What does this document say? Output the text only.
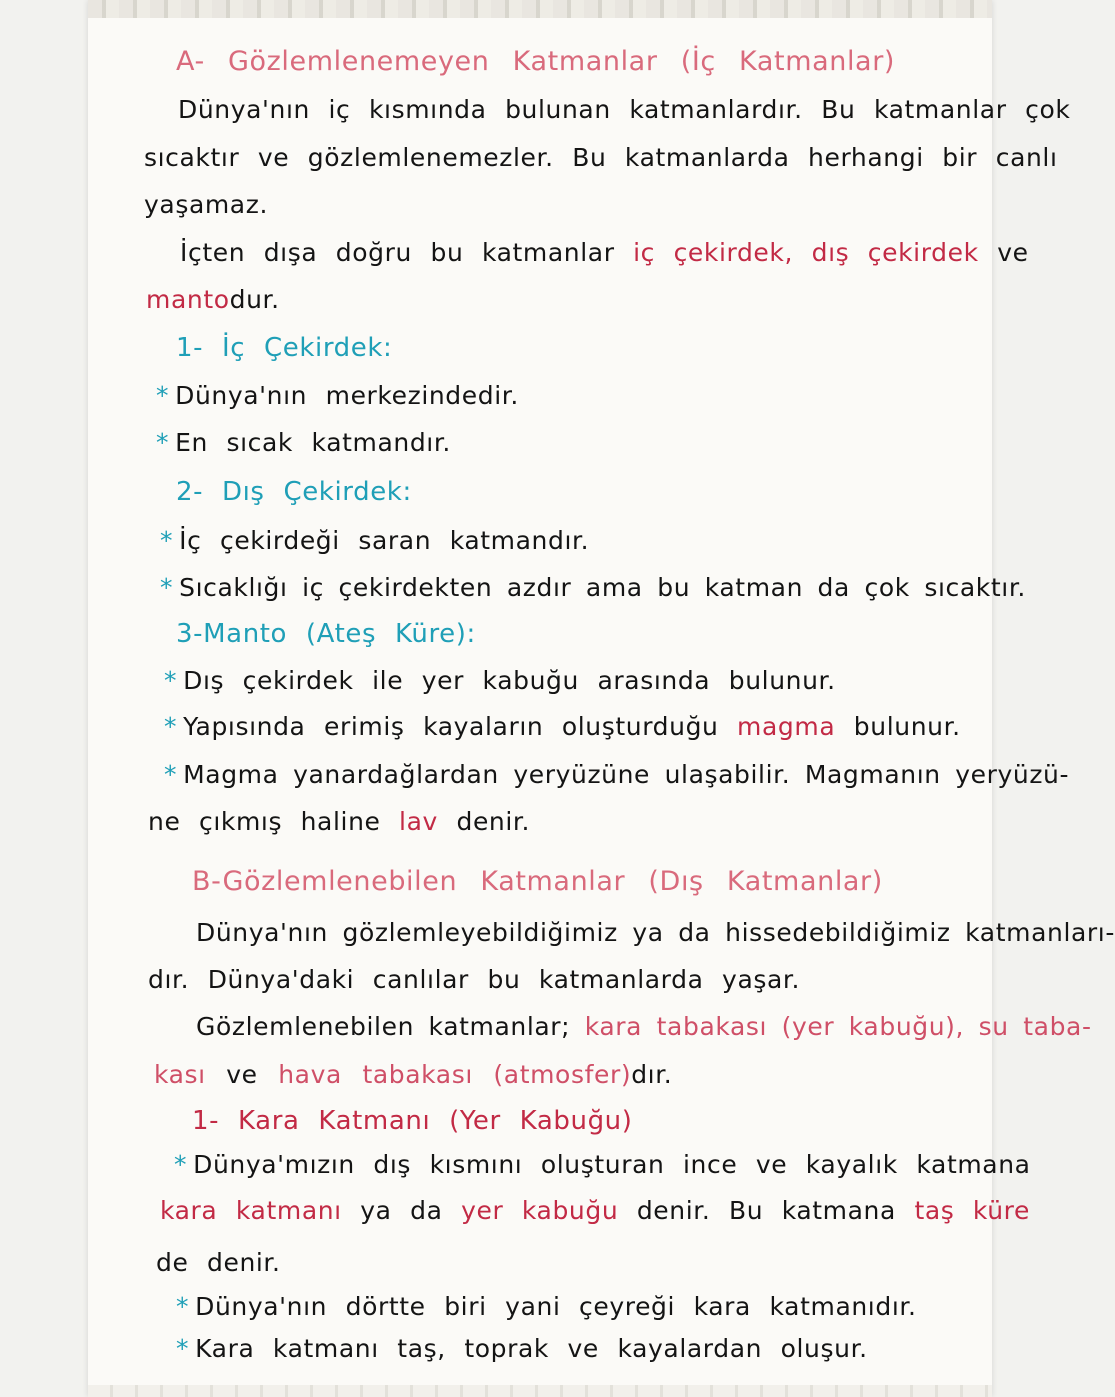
A- Gözlemlenemeyen Katmanlar (İç Katmanlar)
Dünya'nın iç kısmında bulunan katmanlardır. Bu katmanlar çok
sıcaktır ve gözlemlenemezler. Bu katmanlarda herhangi bir canlı
yaşamaz.
İçten dışa doğru bu katmanlar iç çekirdek, dış çekirdek ve
mantodur.
1- İç Çekirdek:
* Dünya'nın merkezindedir.
* En sıcak katmandır.
2- Dış Çekirdek:
* İç çekirdeği saran katmandır.
* Sıcaklığı iç çekirdekten azdır ama bu katman da çok sıcaktır.
3-Manto (Ateş Küre):
* Dış çekirdek ile yer kabuğu arasında bulunur.
* Yapısında erimiş kayaların oluşturduğu magma bulunur.
* Magma yanardağlardan yeryüzüne ulaşabilir. Magmanın yeryüzü-
ne çıkmış haline lav denir.
B-Gözlemlenebilen Katmanlar (Dış Katmanlar)
Dünya'nın gözlemleyebildiğimiz ya da hissedebildiğimiz katmanları-
dır. Dünya'daki canlılar bu katmanlarda yaşar.
Gözlemlenebilen katmanlar; kara tabakası (yer kabuğu), su taba-
kası ve hava tabakası (atmosfer)dır.
1- Kara Katmanı (Yer Kabuğu)
* Dünya'mızın dış kısmını oluşturan ince ve kayalık katmana
kara katmanı ya da yer kabuğu denir. Bu katmana taş küre
de denir.
* Dünya'nın dörtte biri yani çeyreği kara katmanıdır.
* Kara katmanı taş, toprak ve kayalardan oluşur.
